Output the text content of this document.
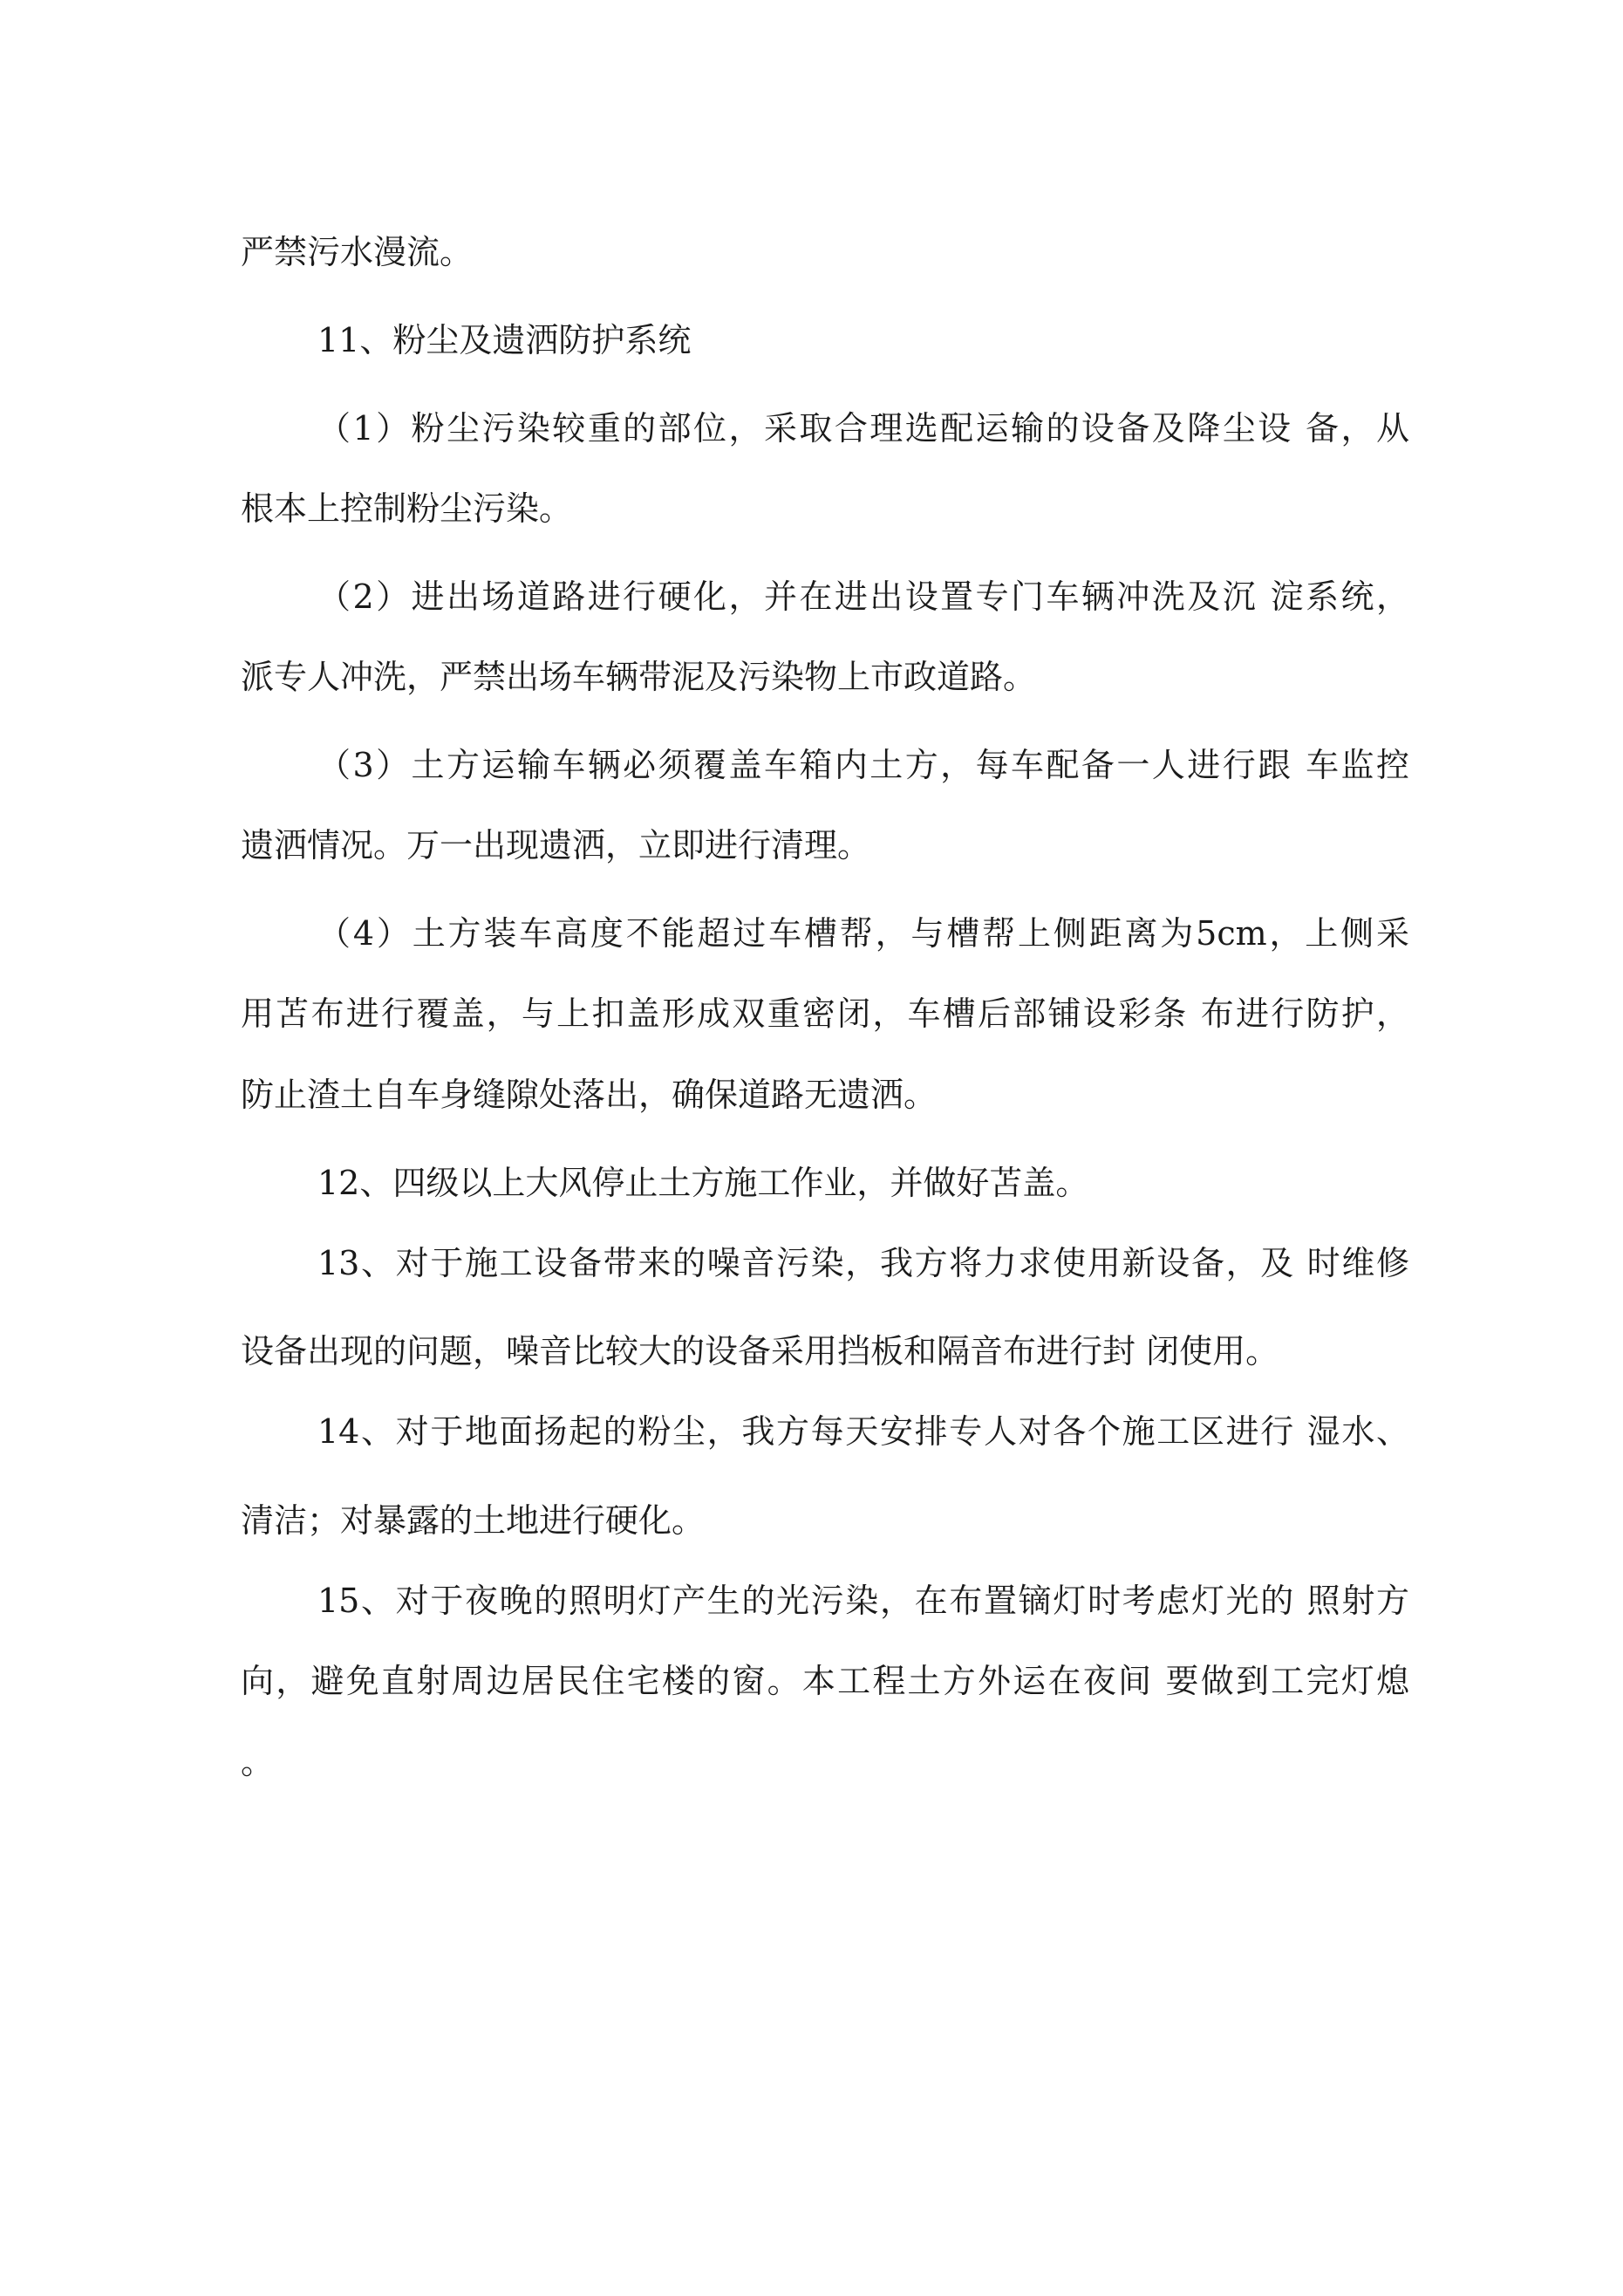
严禁污水漫流。

11、粉尘及遗洒防护系统

（1）粉尘污染较重的部位，采取合理选配运输的设备及降尘设 备，从

根本上控制粉尘污染。

（2）进出场道路进行硬化，并在进出设置专门车辆冲洗及沉 淀系统，

派专人冲洗，严禁出场车辆带泥及污染物上市政道路。

（3）土方运输车辆必须覆盖车箱内土方，每车配备一人进行跟 车监控

遗洒情况。万一出现遗洒，立即进行清理。

（4）土方装车高度不能超过车槽帮，与槽帮上侧距离为5cm，上侧采

用苫布进行覆盖，与上扣盖形成双重密闭，车槽后部铺设彩条 布进行防护，

防止渣土自车身缝隙处落出，确保道路无遗洒。

12、四级以上大风停止土方施工作业，并做好苫盖。

13、对于施工设备带来的噪音污染，我方将力求使用新设备，及 时维修

设备出现的问题，噪音比较大的设备采用挡板和隔音布进行封 闭使用。

14、对于地面扬起的粉尘，我方每天安排专人对各个施工区进行 湿水、

清洁；对暴露的土地进行硬化。

15、对于夜晚的照明灯产生的光污染，在布置镝灯时考虑灯光的 照射方

向，避免直射周边居民住宅楼的窗。本工程土方外运在夜间 要做到工完灯熄

。
